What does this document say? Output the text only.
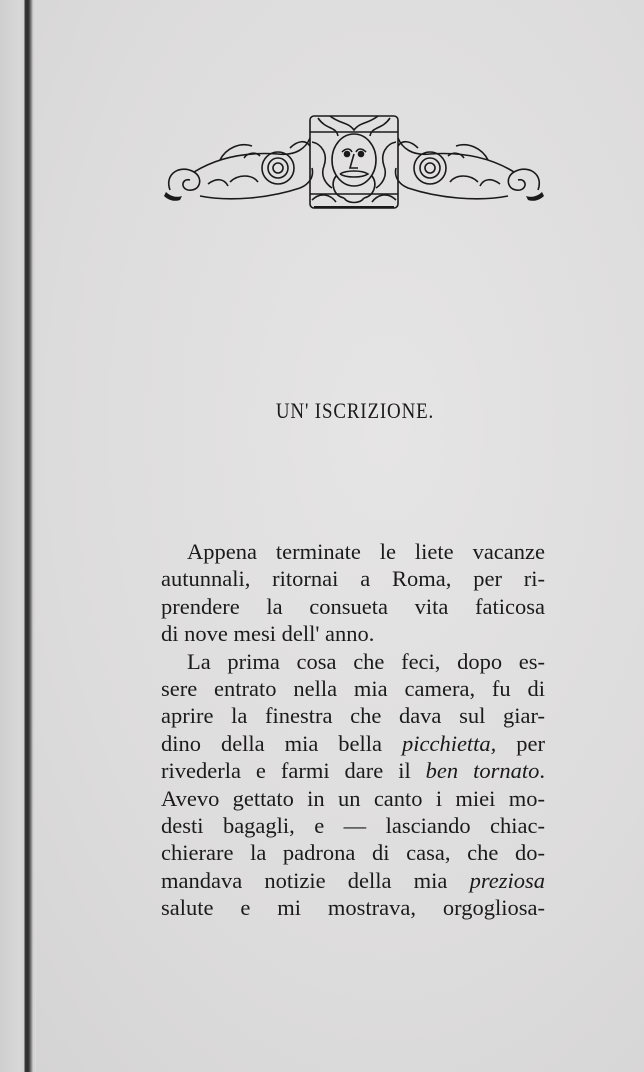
UN' ISCRIZIONE.
Appena terminate le liete vacanze
autunnali, ritornai a Roma, per ri-
prendere la consueta vita faticosa
di nove mesi dell' anno.
La prima cosa che feci, dopo es-
sere entrato nella mia camera, fu di
aprire la finestra che dava sul giar-
dino della mia bella picchietta, per
rivederla e farmi dare il ben tornato.
Avevo gettato in un canto i miei mo-
desti bagagli, e — lasciando chiac-
chierare la padrona di casa, che do-
mandava notizie della mia preziosa
salute e mi mostrava, orgogliosa-
